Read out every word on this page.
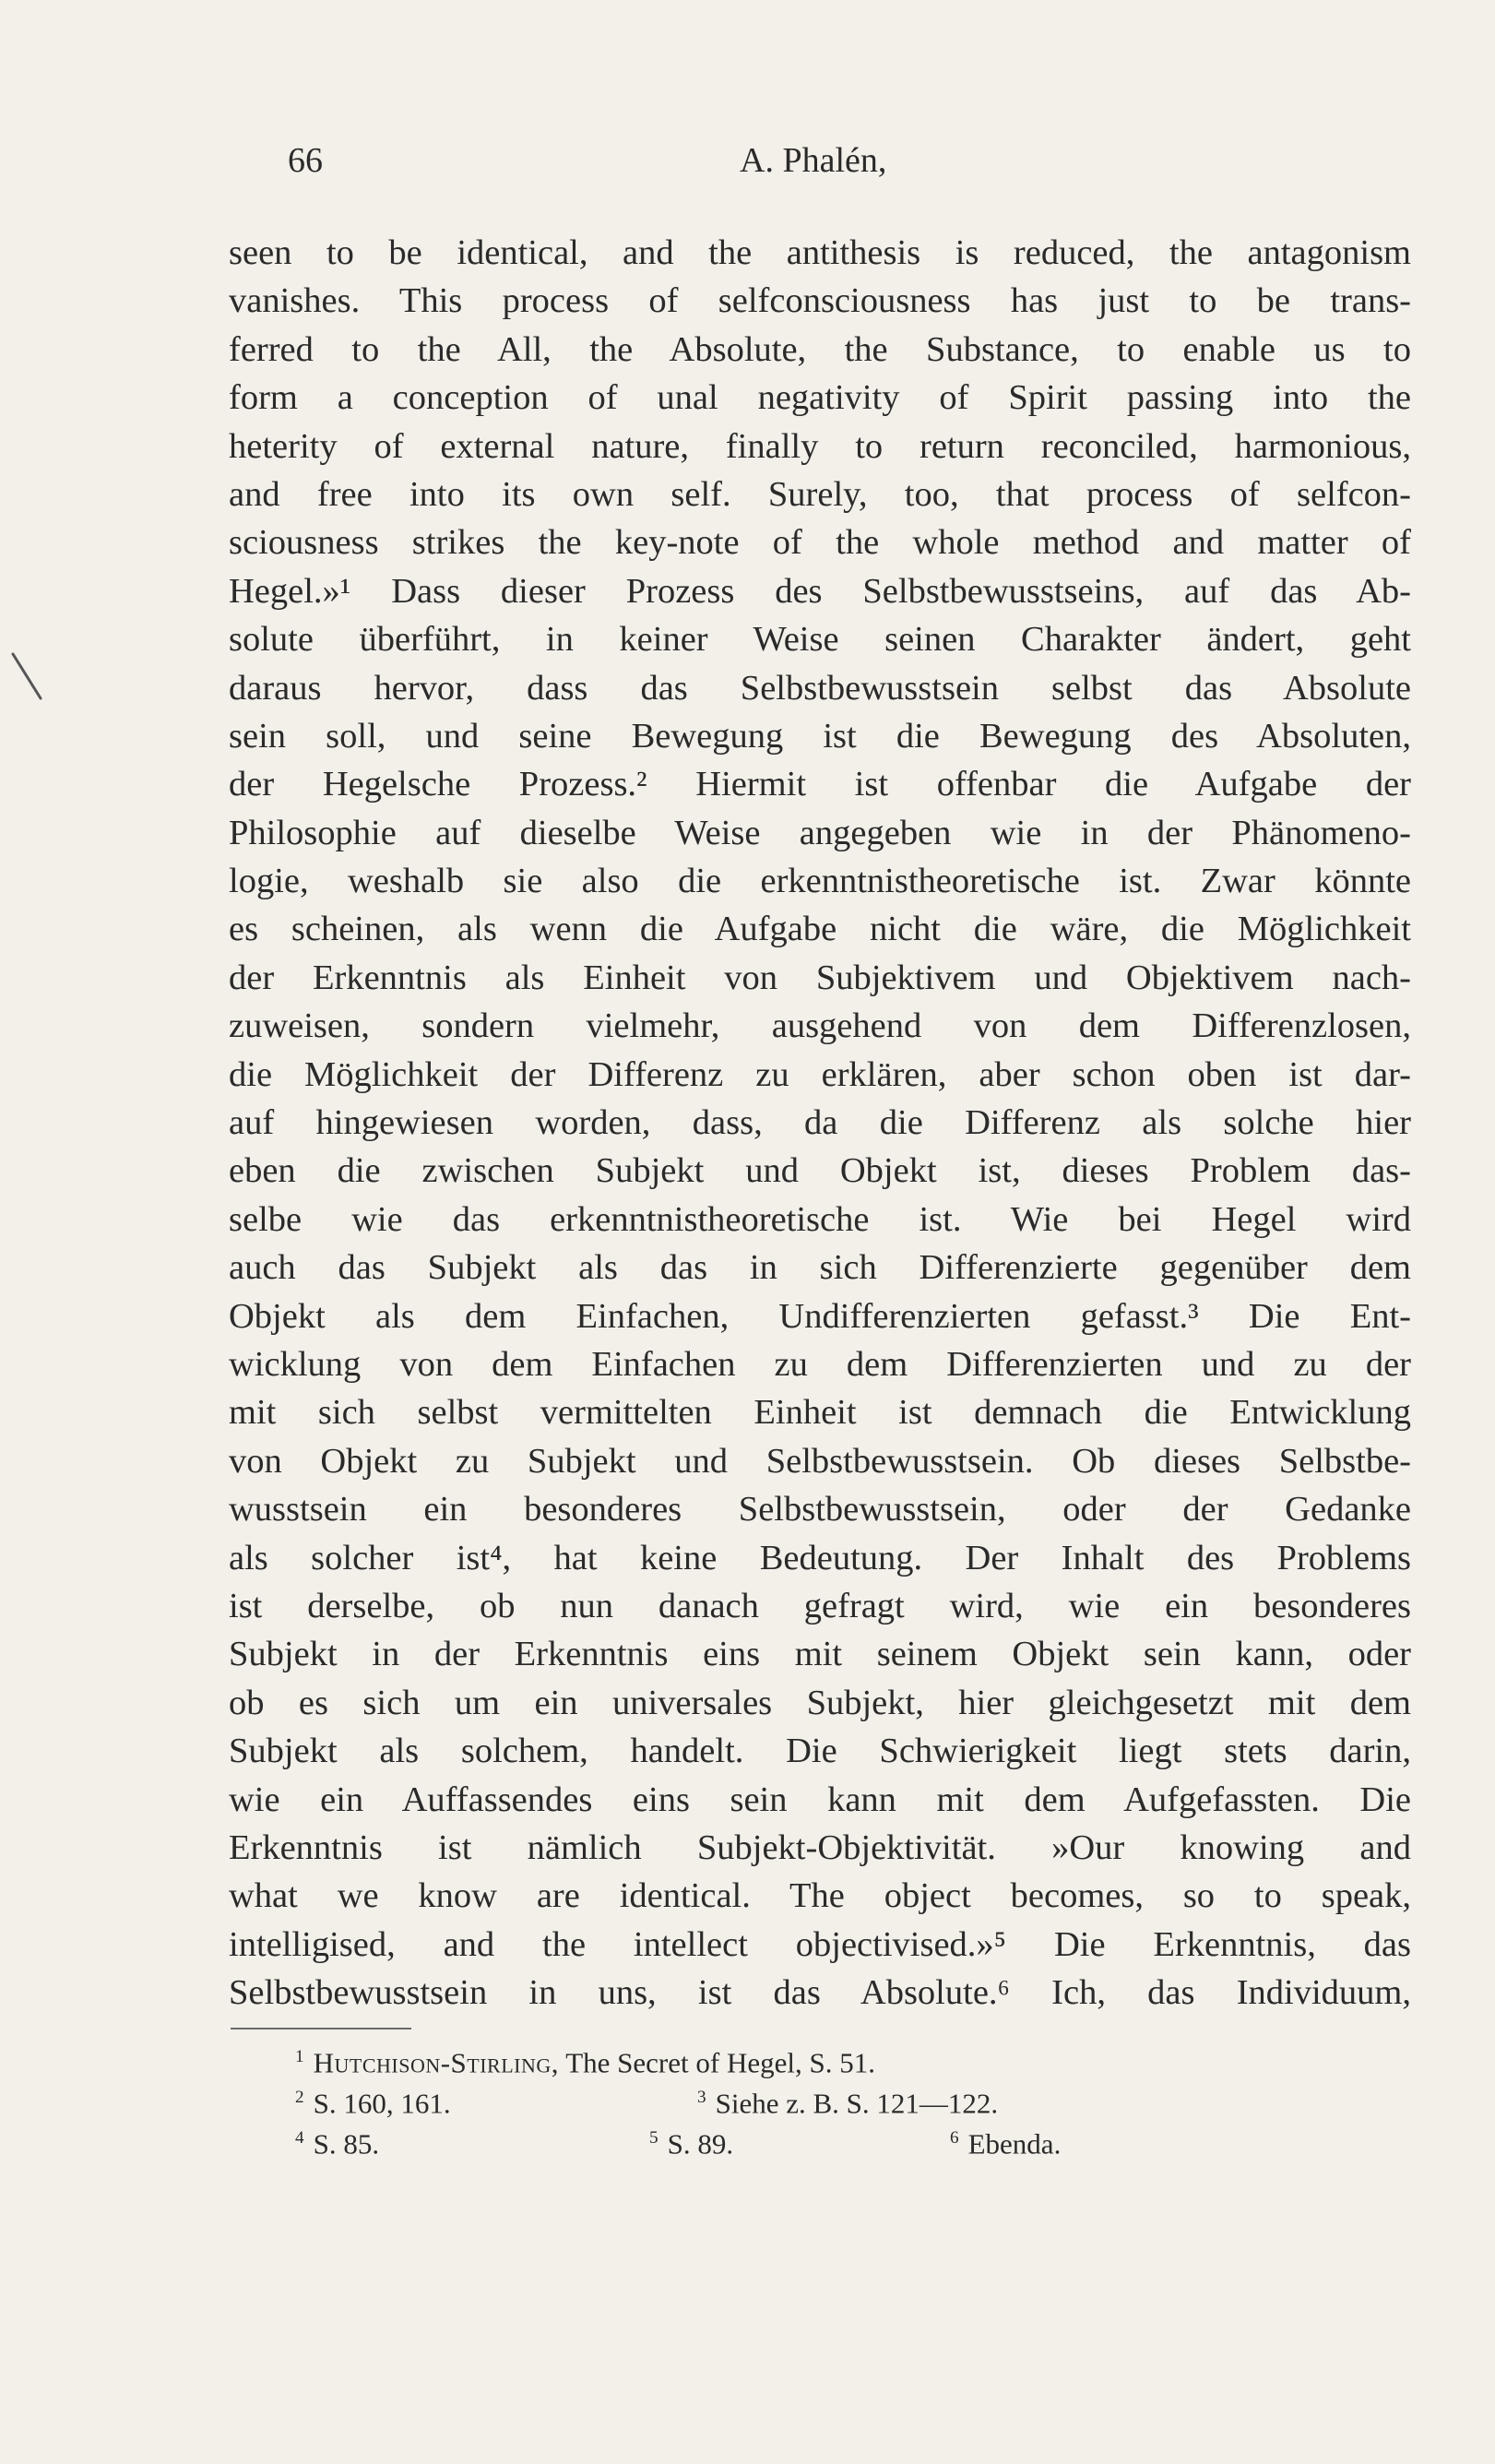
66	A. Phalén,
seen to be identical, and the antithesis is reduced, the antagonism
vanishes. This process of selfconsciousness has just to be trans-
ferred to the All, the Absolute, the Substance, to enable us to
form a conception of unal negativity of Spirit passing into the
heterity of external nature, finally to return reconciled, harmonious,
and free into its own self. Surely, too, that process of selfcon-
sciousness strikes the key-note of the whole method and matter of
Hegel.»¹ Dass dieser Prozess des Selbstbewusstseins, auf das Ab-
solute überführt, in keiner Weise seinen Charakter ändert, geht
daraus hervor, dass das Selbstbewusstsein selbst das Absolute
sein soll, und seine Bewegung ist die Bewegung des Absoluten,
der Hegelsche Prozess.² Hiermit ist offenbar die Aufgabe der
Philosophie auf dieselbe Weise angegeben wie in der Phänomeno-
logie, weshalb sie also die erkenntnistheoretische ist. Zwar könnte
es scheinen, als wenn die Aufgabe nicht die wäre, die Möglichkeit
der Erkenntnis als Einheit von Subjektivem und Objektivem nach-
zuweisen, sondern vielmehr, ausgehend von dem Differenzlosen,
die Möglichkeit der Differenz zu erklären, aber schon oben ist dar-
auf hingewiesen worden, dass, da die Differenz als solche hier
eben die zwischen Subjekt und Objekt ist, dieses Problem das-
selbe wie das erkenntnistheoretische ist. Wie bei Hegel wird
auch das Subjekt als das in sich Differenzierte gegenüber dem
Objekt als dem Einfachen, Undifferenzierten gefasst.³ Die Ent-
wicklung von dem Einfachen zu dem Differenzierten und zu der
mit sich selbst vermittelten Einheit ist demnach die Entwicklung
von Objekt zu Subjekt und Selbstbewusstsein. Ob dieses Selbstbe-
wusstsein ein besonderes Selbstbewusstsein, oder der Gedanke
als solcher ist⁴, hat keine Bedeutung. Der Inhalt des Problems
ist derselbe, ob nun danach gefragt wird, wie ein besonderes
Subjekt in der Erkenntnis eins mit seinem Objekt sein kann, oder
ob es sich um ein universales Subjekt, hier gleichgesetzt mit dem
Subjekt als solchem, handelt. Die Schwierigkeit liegt stets darin,
wie ein Auffassendes eins sein kann mit dem Aufgefassten. Die
Erkenntnis ist nämlich Subjekt-Objektivität. »Our knowing and
what we know are identical. The object becomes, so to speak,
intelligised, and the intellect objectivised.»⁵ Die Erkenntnis, das
Selbstbewusstsein in uns, ist das Absolute.⁶ Ich, das Individuum,
$^1$ Hutchison-Stirling, The Secret of Hegel, S. 51.
$^2$ S. 160, 161.	$^3$ Siehe z. B. S. 121—122.
$^4$ S. 85.	$^5$ S. 89.	$^6$ Ebenda.
